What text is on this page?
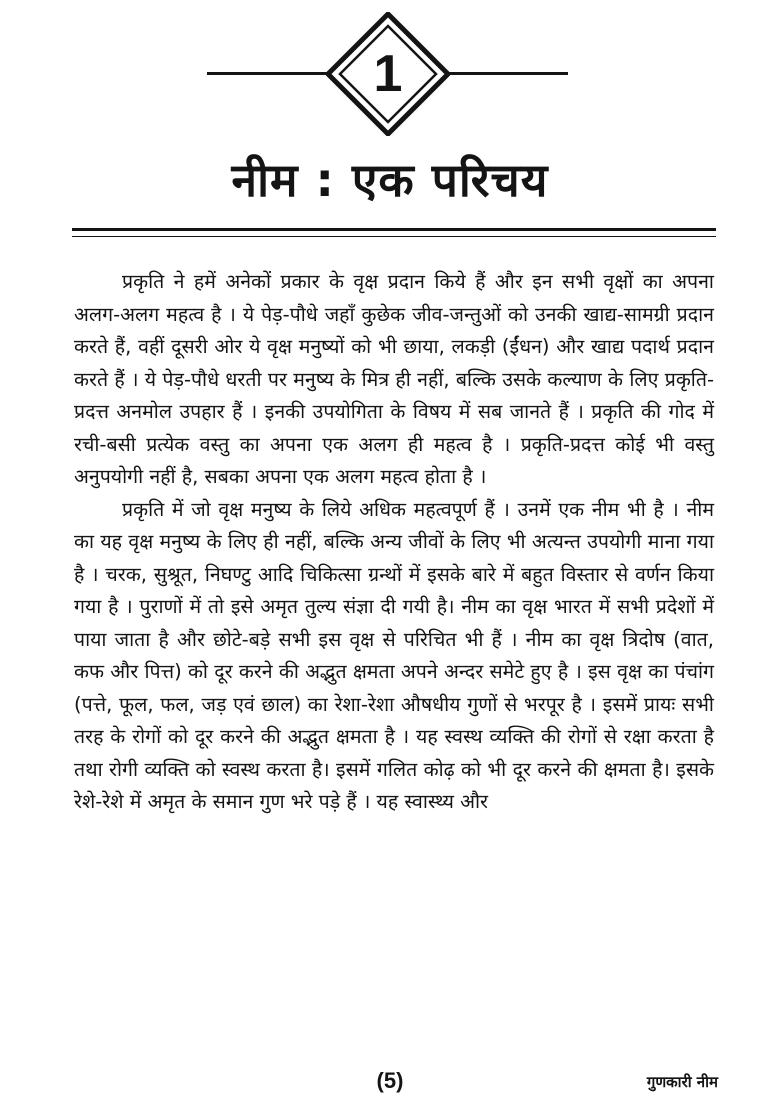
1
नीम : एक परिचय

प्रकृति ने हमें अनेकों प्रकार के वृक्ष प्रदान किये हैं और इन सभी वृक्षों का अपना अलग-अलग महत्व है । ये पेड़-पौधे जहाँ कुछेक जीव-जन्तुओं को उनकी खाद्य-सामग्री प्रदान करते हैं, वहीं दूसरी ओर ये वृक्ष मनुष्यों को भी छाया, लकड़ी (ईंधन) और खाद्य पदार्थ प्रदान करते हैं । ये पेड़-पौधे धरती पर मनुष्य के मित्र ही नहीं, बल्कि उसके कल्याण के लिए प्रकृति-प्रदत्त अनमोल उपहार हैं । इनकी उपयोगिता के विषय में सब जानते हैं । प्रकृति की गोद में रची-बसी प्रत्येक वस्तु का अपना एक अलग ही महत्व है । प्रकृति-प्रदत्त कोई भी वस्तु अनुपयोगी नहीं है, सबका अपना एक अलग महत्व होता है ।

प्रकृति में जो वृक्ष मनुष्य के लिये अधिक महत्वपूर्ण हैं । उनमें एक नीम भी है । नीम का यह वृक्ष मनुष्य के लिए ही नहीं, बल्कि अन्य जीवों के लिए भी अत्यन्त उपयोगी माना गया है । चरक, सुश्रूत, निघण्टु आदि चिकित्सा ग्रन्थों में इसके बारे में बहुत विस्तार से वर्णन किया गया है । पुराणों में तो इसे अमृत तुल्य संज्ञा दी गयी है। नीम का वृक्ष भारत में सभी प्रदेशों में पाया जाता है और छोटे-बड़े सभी इस वृक्ष से परिचित भी हैं । नीम का वृक्ष त्रिदोष (वात, कफ और पित्त) को दूर करने की अद्भुत क्षमता अपने अन्दर समेटे हुए है । इस वृक्ष का पंचांग (पत्ते, फूल, फल, जड़ एवं छाल) का रेशा-रेशा औषधीय गुणों से भरपूर है । इसमें प्रायः सभी तरह के रोगों को दूर करने की अद्भुत क्षमता है । यह स्वस्थ व्यक्ति की रोगों से रक्षा करता है तथा रोगी व्यक्ति को स्वस्थ करता है। इसमें गलित कोढ़ को भी दूर करने की क्षमता है। इसके रेशे-रेशे में अमृत के समान गुण भरे पड़े हैं । यह स्वास्थ्य और

(5)	गुणकारी नीम
